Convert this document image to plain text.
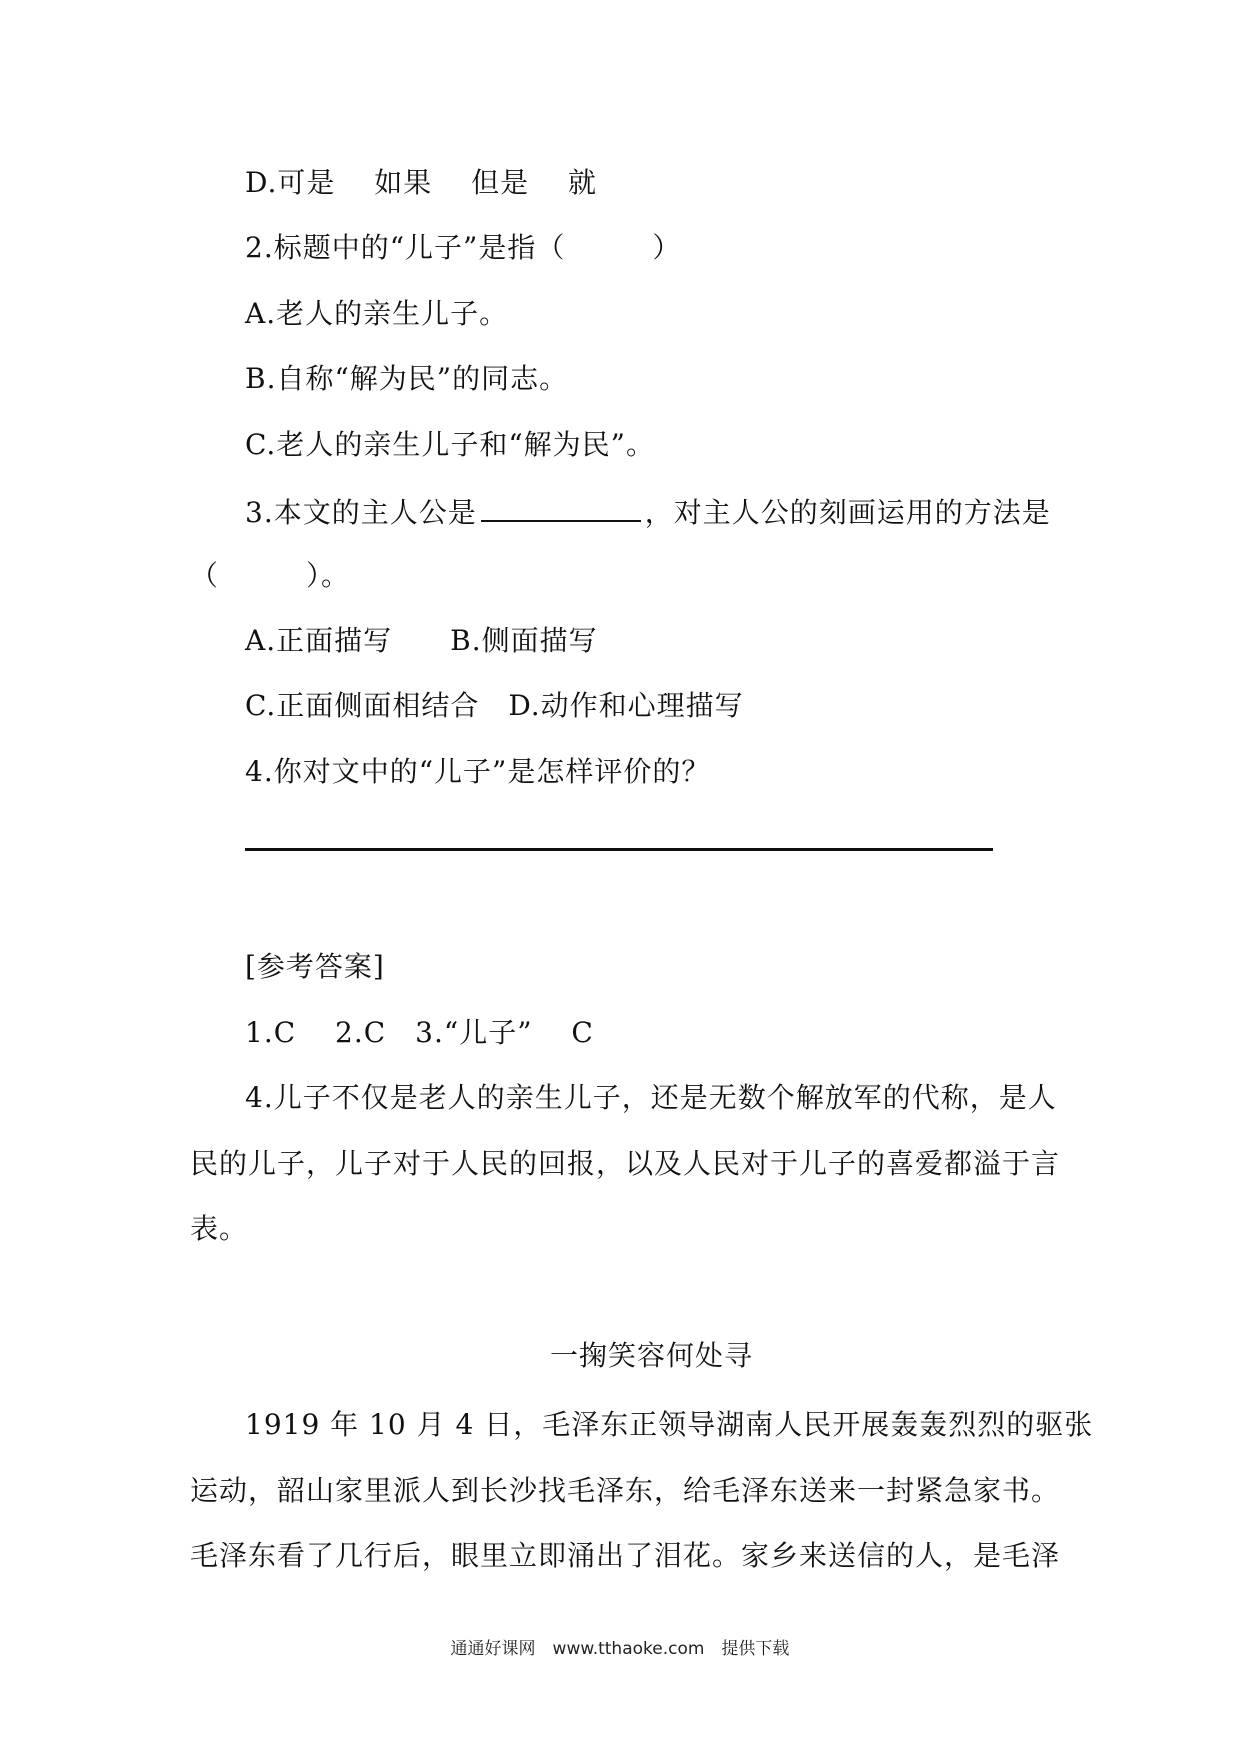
D.可是　 如果　 但是　 就
2.标题中的“儿子”是指（　　　）
A.老人的亲生儿子。
B.自称“解为民”的同志。
C.老人的亲生儿子和“解为民”。
3.本文的主人公是	，对主人公的刻画运用的方法是
（　　　）。
A.正面描写　　B.侧面描写
C.正面侧面相结合　D.动作和心理描写
4.你对文中的“儿子”是怎样评价的？
[参考答案]
1.C　 2.C　3.“儿子”　 C
4.儿子不仅是老人的亲生儿子，还是无数个解放军的代称，是人
民的儿子，儿子对于人民的回报，以及人民对于儿子的喜爱都溢于言
表。
一掬笑容何处寻
1919 年 10 月 4 日，毛泽东正领导湖南人民开展轰轰烈烈的驱张
运动，韶山家里派人到长沙找毛泽东，给毛泽东送来一封紧急家书。
毛泽东看了几行后，眼里立即涌出了泪花。家乡来送信的人，是毛泽
通通好课网　www.tthaoke.com　提供下载
